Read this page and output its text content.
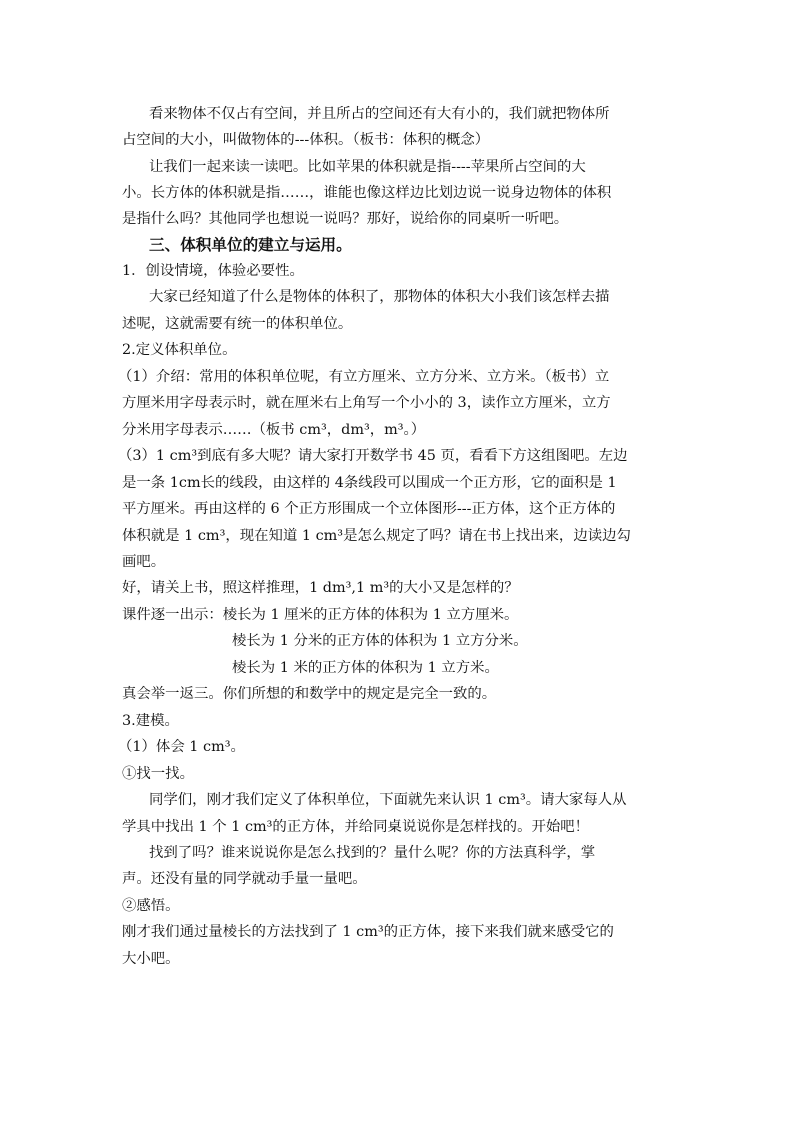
看来物体不仅占有空间，并且所占的空间还有大有小的，我们就把物体所
占空间的大小，叫做物体的---体积。（板书：体积的概念）
让我们一起来读一读吧。比如苹果的体积就是指----苹果所占空间的大
小。长方体的体积就是指……，谁能也像这样边比划边说一说身边物体的体积
是指什么吗？其他同学也想说一说吗？那好，说给你的同桌听一听吧。
三、体积单位的建立与运用。
1．创设情境，体验必要性。
大家已经知道了什么是物体的体积了，那物体的体积大小我们该怎样去描
述呢，这就需要有统一的体积单位。
2.定义体积单位。
（1）介绍：常用的体积单位呢，有立方厘米、立方分米、立方米。（板书）立
方厘米用字母表示时，就在厘米右上角写一个小小的 3，读作立方厘米，立方
分米用字母表示……（板书 cm³，dm³，m³。）
（3）1 cm³到底有多大呢？请大家打开数学书 45 页，看看下方这组图吧。左边
是一条 1cm长的线段，由这样的 4条线段可以围成一个正方形，它的面积是 1
平方厘米。再由这样的 6 个正方形围成一个立体图形---正方体，这个正方体的
体积就是 1 cm³，现在知道 1 cm³是怎么规定了吗？请在书上找出来，边读边勾
画吧。
好，请关上书，照这样推理，1 dm³,1 m³的大小又是怎样的？
课件逐一出示：棱长为 1 厘米的正方体的体积为 1 立方厘米。
棱长为 1 分米的正方体的体积为 1 立方分米。
棱长为 1 米的正方体的体积为 1 立方米。
真会举一返三。你们所想的和数学中的规定是完全一致的。
3.建模。
（1）体会 1 cm³。
①找一找。
同学们，刚才我们定义了体积单位，下面就先来认识 1 cm³。请大家每人从
学具中找出 1 个 1 cm³的正方体，并给同桌说说你是怎样找的。开始吧！
找到了吗？谁来说说你是怎么找到的？量什么呢？你的方法真科学，掌
声。还没有量的同学就动手量一量吧。
②感悟。
刚才我们通过量棱长的方法找到了 1 cm³的正方体，接下来我们就来感受它的
大小吧。
